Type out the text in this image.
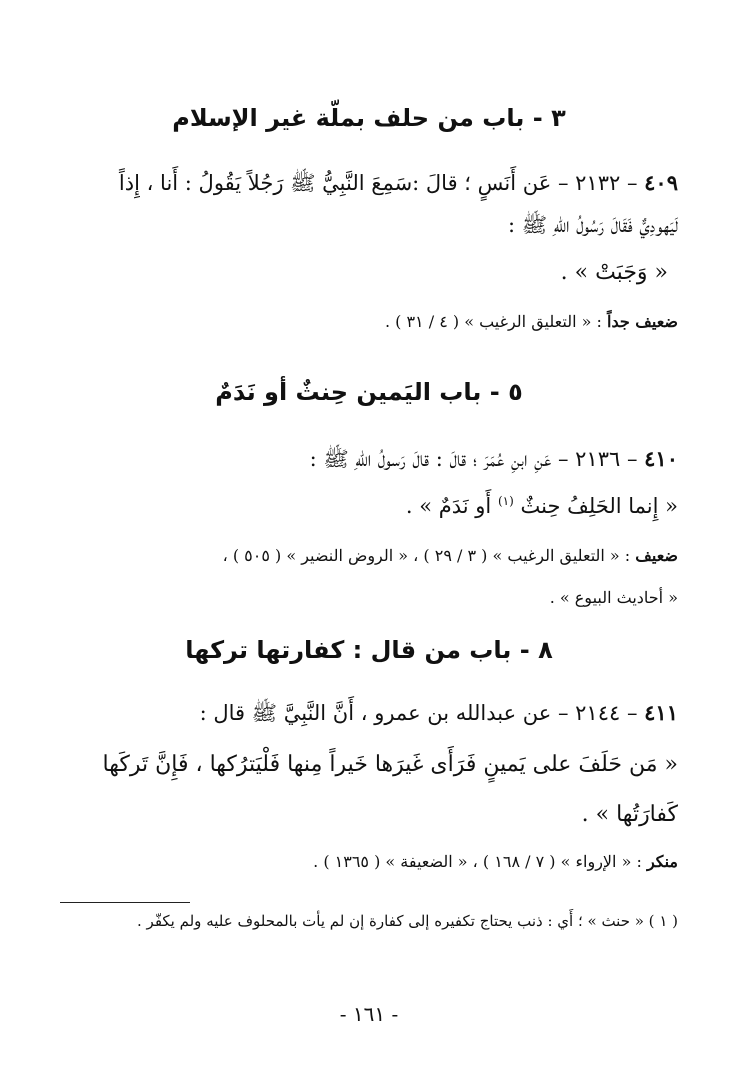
٣ - باب من حلف بملّة غير الإسلام
٤٠٩ – ٢١٣٢ – عَن أَنَسٍ ؛ قالَ :سَمِعَ النَّبِيُّ ﷺ رَجُلاً يَقُولُ : أَنا ، إِذاً
لَيَهودِيٌّ فَقَالَ رَسُولُ اللّهِ ﷺ :
« وَجَبَتْ » .
ضعيف جداً : « التعليق الرغيب » ( ٤ / ٣١ ) .
٥ - باب اليَمين حِنثٌ أو نَدَمٌ
٤١٠ – ٢١٣٦ – عَنِ ابنِ عُمَرَ ؛ قالَ : قالَ رَسولُ اللّهِ ﷺ :
« إِنما الحَلِفُ حِنثٌ $^{(١)}$ أَو نَدَمٌ » .
ضعيف : « التعليق الرغيب » ( ٣ / ٢٩ ) ، « الروض النضير » ( ٥٠٥ ) ،
« أحاديث البيوع » .
٨ - باب من قال : كفارتها تركها
٤١١ – ٢١٤٤ – عن عبدالله بن عمرو ، أَنَّ النَّبِيَّ ﷺ قال :
« مَن حَلَفَ على يَمينٍ فَرَأَى غَيرَها خَيراً مِنها فَلْيَترُكها ، فَإِنَّ تَركَها
كَفارَتُها » .
منكر : « الإرواء » ( ٧ / ١٦٨ ) ، « الضعيفة » ( ١٣٦٥ ) .
( ١ ) « حنث » ؛ أَي : ذنب يحتاج تكفيره إلى كفارة إن لم يأت بالمحلوف عليه ولم يكفّر .
- ١٦١ -
